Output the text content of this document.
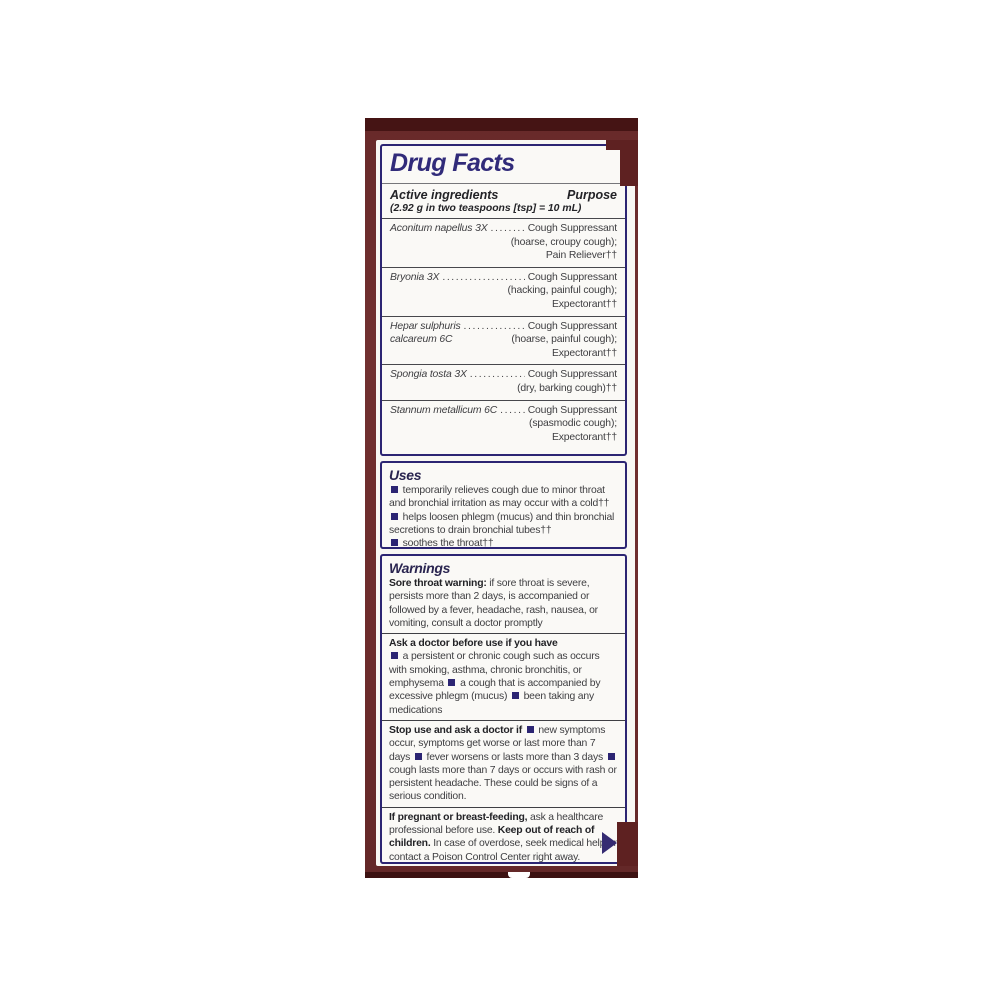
Drug Facts
Active ingredients	Purpose
(2.92 g in two teaspoons [tsp] = 10 mL)
Aconitum napellus 3X .....	Cough Suppressant
(hoarse, croupy cough);
Pain Reliever††
Bryonia 3X .....	Cough Suppressant
(hacking, painful cough);
Expectorant††
Hepar sulphuris .....	Cough Suppressant
calcareum 6C	(hoarse, painful cough);
Expectorant††
Spongia tosta 3X .....	Cough Suppressant
(dry, barking cough)††
Stannum metallicum 6C .....	Cough Suppressant
(spasmodic cough);
Expectorant††
Uses
temporarily relieves cough due to minor throat and bronchial irritation as may occur with a cold††
helps loosen phlegm (mucus) and thin bronchial secretions to drain bronchial tubes††
soothes the throat††
Warnings
Sore throat warning: if sore throat is severe, persists more than 2 days, is accompanied or followed by a fever, headache, rash, nausea, or vomiting, consult a doctor promptly
Ask a doctor before use if you have
a persistent or chronic cough such as occurs with smoking, asthma, chronic bronchitis, or emphysema  a cough that is accompanied by excessive phlegm (mucus)  been taking any medications
Stop use and ask a doctor if  new symptoms occur, symptoms get worse or last more than 7 days  fever worsens or lasts more than 3 days  cough lasts more than 7 days or occurs with rash or persistent headache. These could be signs of a serious condition.
If pregnant or breast-feeding, ask a healthcare professional before use. Keep out of reach of children. In case of overdose, seek medical help or contact a Poison Control Center right away.
